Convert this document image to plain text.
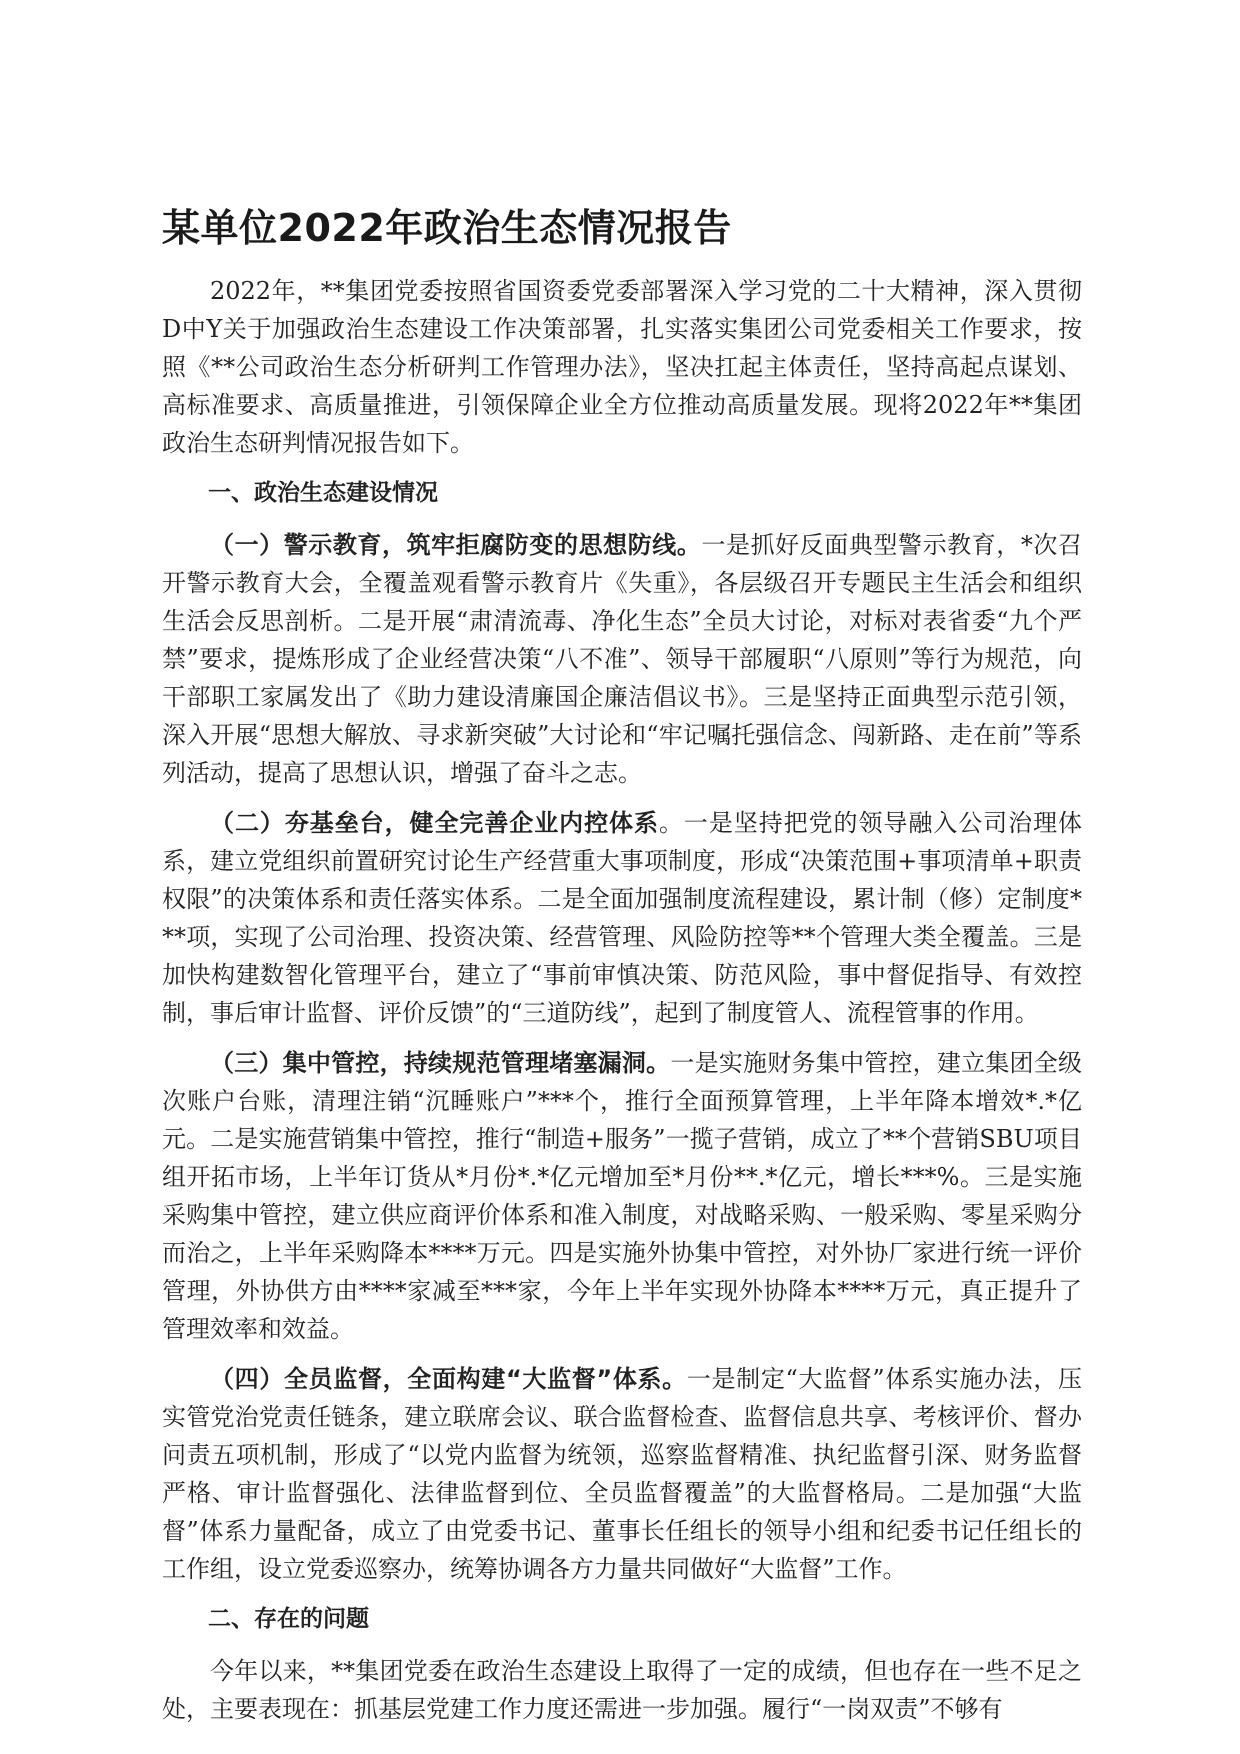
某单位2022年政治生态情况报告

2022年，**集团党委按照省国资委党委部署深入学习党的二十大精神，深入贯彻D中Y关于加强政治生态建设工作决策部署，扎实落实集团公司党委相关工作要求，按照《**公司政治生态分析研判工作管理办法》，坚决扛起主体责任，坚持高起点谋划、高标准要求、高质量推进，引领保障企业全方位推动高质量发展。现将2022年**集团政治生态研判情况报告如下。

一、政治生态建设情况

（一）警示教育，筑牢拒腐防变的思想防线。一是抓好反面典型警示教育，*次召开警示教育大会，全覆盖观看警示教育片《失重》，各层级召开专题民主生活会和组织生活会反思剖析。二是开展“肃清流毒、净化生态”全员大讨论，对标对表省委“九个严禁”要求，提炼形成了企业经营决策“八不准”、领导干部履职“八原则”等行为规范，向干部职工家属发出了《助力建设清廉国企廉洁倡议书》。三是坚持正面典型示范引领，深入开展“思想大解放、寻求新突破”大讨论和“牢记嘱托强信念、闯新路、走在前”等系列活动，提高了思想认识，增强了奋斗之志。

（二）夯基垒台，健全完善企业内控体系。一是坚持把党的领导融入公司治理体系，建立党组织前置研究讨论生产经营重大事项制度，形成“决策范围+事项清单+职责权限”的决策体系和责任落实体系。二是全面加强制度流程建设，累计制（修）定制度***项，实现了公司治理、投资决策、经营管理、风险防控等**个管理大类全覆盖。三是加快构建数智化管理平台，建立了“事前审慎决策、防范风险，事中督促指导、有效控制，事后审计监督、评价反馈”的“三道防线”，起到了制度管人、流程管事的作用。

（三）集中管控，持续规范管理堵塞漏洞。一是实施财务集中管控，建立集团全级次账户台账，清理注销“沉睡账户”***个，推行全面预算管理，上半年降本增效*.*亿元。二是实施营销集中管控，推行“制造+服务”一揽子营销，成立了**个营销SBU项目组开拓市场，上半年订货从*月份*.*亿元增加至*月份**.*亿元，增长***%。三是实施采购集中管控，建立供应商评价体系和准入制度，对战略采购、一般采购、零星采购分而治之，上半年采购降本****万元。四是实施外协集中管控，对外协厂家进行统一评价管理，外协供方由****家减至***家，今年上半年实现外协降本****万元，真正提升了管理效率和效益。

（四）全员监督，全面构建“大监督”体系。一是制定“大监督”体系实施办法，压实管党治党责任链条，建立联席会议、联合监督检查、监督信息共享、考核评价、督办问责五项机制，形成了“以党内监督为统领，巡察监督精准、执纪监督引深、财务监督严格、审计监督强化、法律监督到位、全员监督覆盖”的大监督格局。二是加强“大监督”体系力量配备，成立了由党委书记、董事长任组长的领导小组和纪委书记任组长的工作组，设立党委巡察办，统筹协调各方力量共同做好“大监督”工作。

二、存在的问题

今年以来，**集团党委在政治生态建设上取得了一定的成绩，但也存在一些不足之处，主要表现在：抓基层党建工作力度还需进一步加强。履行“一岗双责”不够有
